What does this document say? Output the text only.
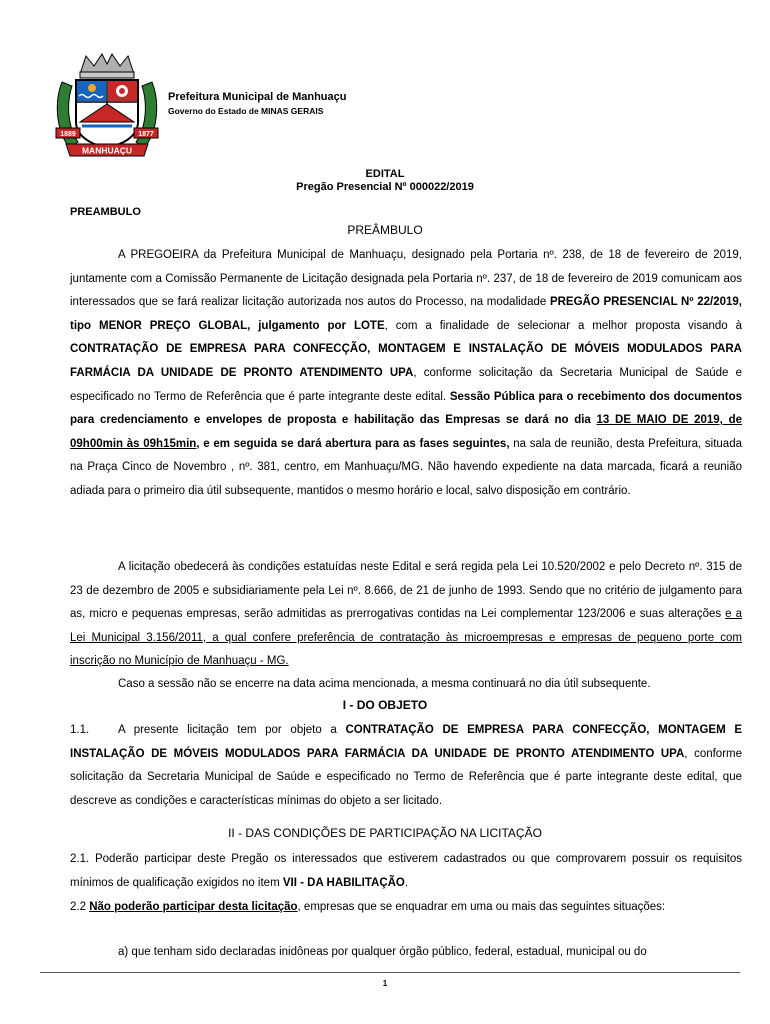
1889	1877
MANHUAÇU
Prefeitura Municipal de Manhuaçu
Governo do Estado de MINAS GERAIS
EDITAL
Pregão Presencial Nº 000022/2019
PREAMBULO
PREÂMBULO
A PREGOEIRA da Prefeitura Municipal de Manhuaçu, designado pela Portaria nº. 238, de 18 de fevereiro de 2019, juntamente com a Comissão Permanente de Licitação designada pela Portaria nº. 237, de 18 de fevereiro de 2019 comunicam aos interessados que se fará realizar licitação autorizada nos autos do Processo, na modalidade PREGÃO PRESENCIAL Nº 22/2019, tipo MENOR PREÇO GLOBAL, julgamento por LOTE, com a finalidade de selecionar a melhor proposta visando à CONTRATAÇÃO DE EMPRESA PARA CONFECÇÃO, MONTAGEM E INSTALAÇÃO DE MÓVEIS MODULADOS PARA FARMÁCIA DA UNIDADE DE PRONTO ATENDIMENTO UPA, conforme solicitação da Secretaria Municipal de Saúde e especificado no Termo de Referência que é parte integrante deste edital. Sessão Pública para o recebimento dos documentos para credenciamento e envelopes de proposta e habilitação das Empresas se dará no dia 13 DE MAIO DE 2019, de 09h00min às 09h15min, e em seguida se dará abertura para as fases seguintes, na sala de reunião, desta Prefeitura, situada na Praça Cinco de Novembro , nº. 381, centro, em Manhuaçu/MG. Não havendo expediente na data marcada, ficará a reunião adiada para o primeiro dia útil subsequente, mantidos o mesmo horário e local, salvo disposição em contrário.
A licitação obedecerá às condições estatuídas neste Edital e será regida pela Lei 10.520/2002 e pelo Decreto nº. 315 de 23 de dezembro de 2005 e subsidiariamente pela Lei nº. 8.666, de 21 de junho de 1993. Sendo que no critério de julgamento para as, micro e pequenas empresas, serão admitidas as prerrogativas contidas na Lei complementar 123/2006 e suas alterações e a Lei Municipal 3.156/2011, a qual confere preferência de contratação às microempresas e empresas de pequeno porte com inscrição no Município de Manhuaçu - MG.
Caso a sessão não se encerre na data acima mencionada, a mesma continuará no dia útil subsequente.
I - DO OBJETO
1.1.	A presente licitação tem por objeto a CONTRATAÇÃO DE EMPRESA PARA CONFECÇÃO, MONTAGEM E INSTALAÇÃO DE MÓVEIS MODULADOS PARA FARMÁCIA DA UNIDADE DE PRONTO ATENDIMENTO UPA, conforme solicitação da Secretaria Municipal de Saúde e especificado no Termo de Referência que é parte integrante deste edital, que descreve as condições e características mínimas do objeto a ser licitado.
II - DAS CONDIÇÕES DE PARTICIPAÇÃO NA LICITAÇÃO
2.1. Poderão participar deste Pregão os interessados que estiverem cadastrados ou que comprovarem possuir os requisitos mínimos de qualificação exigidos no item VII - DA HABILITAÇÃO.
2.2 Não poderão participar desta licitação, empresas que se enquadrar em uma ou mais das seguintes situações:
a) que tenham sido declaradas inidôneas por qualquer órgão público, federal, estadual, municipal ou do
1
